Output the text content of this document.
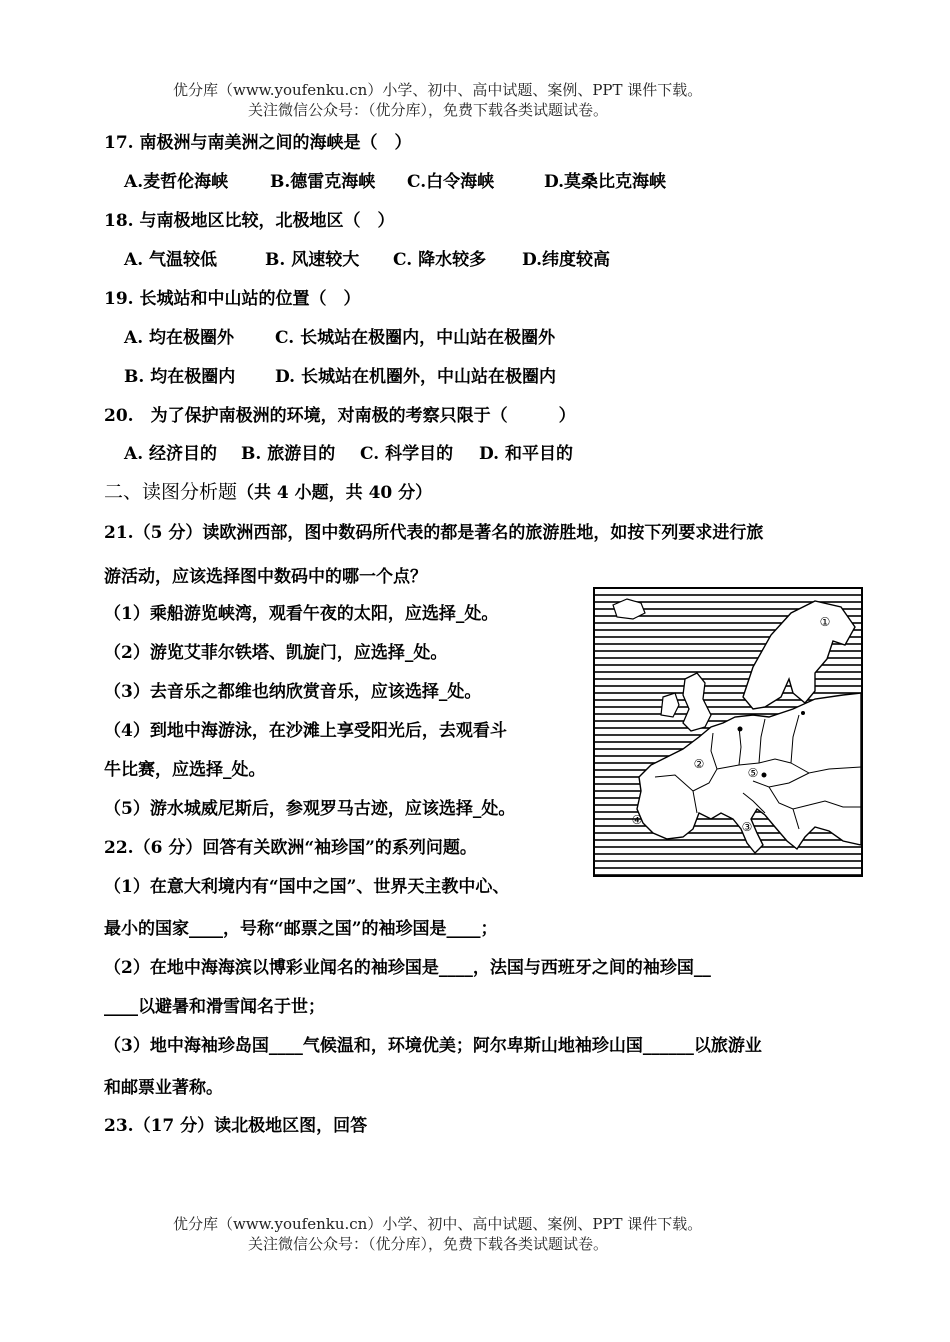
优分库（www.youfenku.cn）小学、初中、高中试题、案例、PPT 课件下载。
关注微信公众号：（优分库），免费下载各类试题试卷。
17. 南极洲与南美洲之间的海峡是（　）
A.麦哲伦海峡 B.德雷克海峡 C.白令海峡	D.莫桑比克海峡
18. 与南极地区比较，北极地区（　）
A. 气温较低	B. 风速较大 C. 降水较多 D.纬度较高
19. 长城站和中山站的位置（　）
A. 均在极圈外 C. 长城站在极圈内，中山站在极圈外
B. 均在极圈内 D. 长城站在机圈外，中山站在极圈内
20.　为了保护南极洲的环境，对南极的考察只限于（　　　）
A. 经济目的 B. 旅游目的 C. 科学目的 D. 和平目的
二、读图分析题（共 4 小题，共 40 分）
21.（5 分）读欧洲西部，图中数码所代表的都是著名的旅游胜地，如按下列要求进行旅
游活动，应该选择图中数码中的哪一个点？
（1）乘船游览峡湾，观看午夜的太阳，应选择_处。
（2）游览艾菲尔铁塔、凯旋门，应选择_处。
（3）去音乐之都维也纳欣赏音乐，应该选择_处。
（4）到地中海游泳，在沙滩上享受阳光后，去观看斗
牛比赛，应选择_处。
（5）游水城威尼斯后，参观罗马古迹，应该选择_处。
①
②
③
④
⑤
22.（6 分）回答有关欧洲“袖珍国”的系列问题。
（1）在意大利境内有“国中之国”、世界天主教中心、
最小的国家____，号称“邮票之国”的袖珍国是____；
（2）在地中海海滨以博彩业闻名的袖珍国是____，法国与西班牙之间的袖珍国__
____以避暑和滑雪闻名于世；
（3）地中海袖珍岛国____气候温和，环境优美；阿尔卑斯山地袖珍山国______以旅游业
和邮票业著称。
23.（17 分）读北极地区图，回答
优分库（www.youfenku.cn）小学、初中、高中试题、案例、PPT 课件下载。
关注微信公众号：（优分库），免费下载各类试题试卷。
